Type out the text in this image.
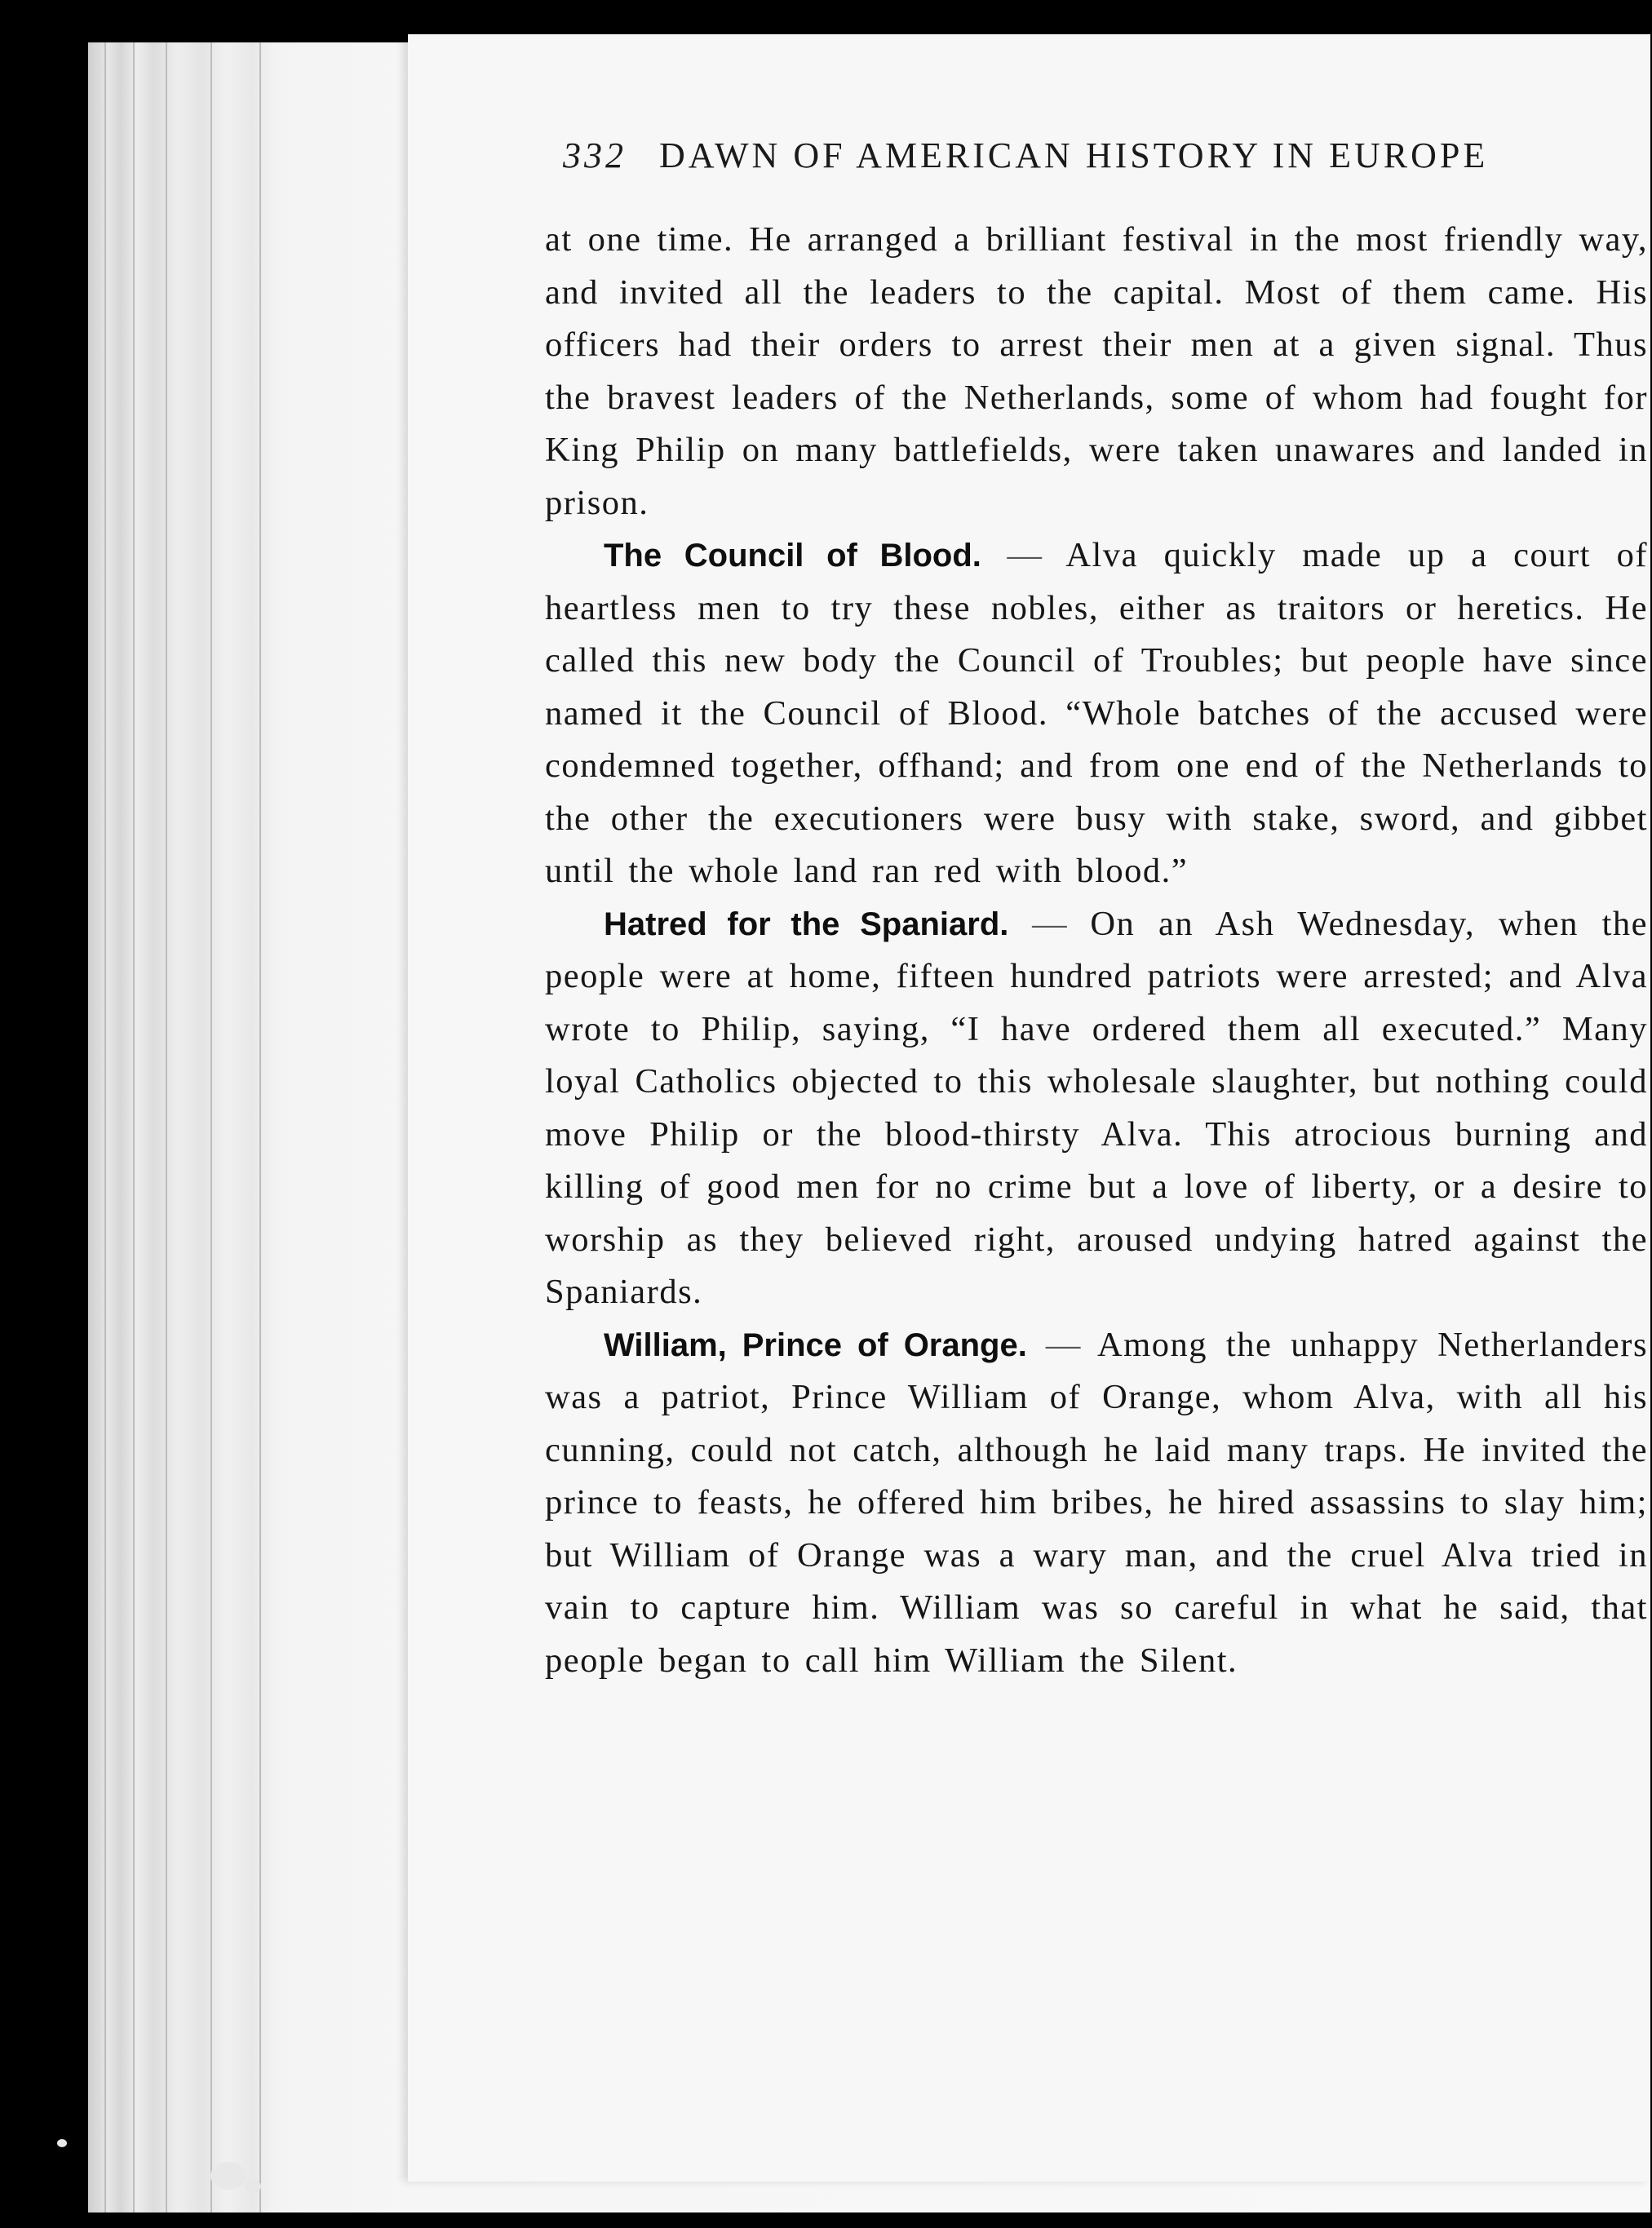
332 DAWN OF AMERICAN HISTORY IN EUROPE

at one time. He arranged a brilliant festival in the most friendly way, and invited all the leaders to the capital. Most of them came. His officers had their orders to arrest their men at a given signal. Thus the bravest leaders of the Netherlands, some of whom had fought for King Philip on many battlefields, were taken unawares and landed in prison.

The Council of Blood. — Alva quickly made up a court of heartless men to try these nobles, either as traitors or heretics. He called this new body the Council of Troubles; but people have since named it the Council of Blood. “Whole batches of the accused were condemned together, offhand; and from one end of the Netherlands to the other the executioners were busy with stake, sword, and gibbet until the whole land ran red with blood.”

Hatred for the Spaniard. — On an Ash Wednesday, when the people were at home, fifteen hundred patriots were arrested; and Alva wrote to Philip, saying, “I have ordered them all executed.” Many loyal Catholics objected to this wholesale slaughter, but nothing could move Philip or the blood-thirsty Alva. This atrocious burning and killing of good men for no crime but a love of liberty, or a desire to worship as they believed right, aroused undying hatred against the Spaniards.

William, Prince of Orange. — Among the unhappy Netherlanders was a patriot, Prince William of Orange, whom Alva, with all his cunning, could not catch, although he laid many traps. He invited the prince to feasts, he offered him bribes, he hired assassins to slay him; but William of Orange was a wary man, and the cruel Alva tried in vain to capture him. William was so careful in what he said, that people began to call him William the Silent.
